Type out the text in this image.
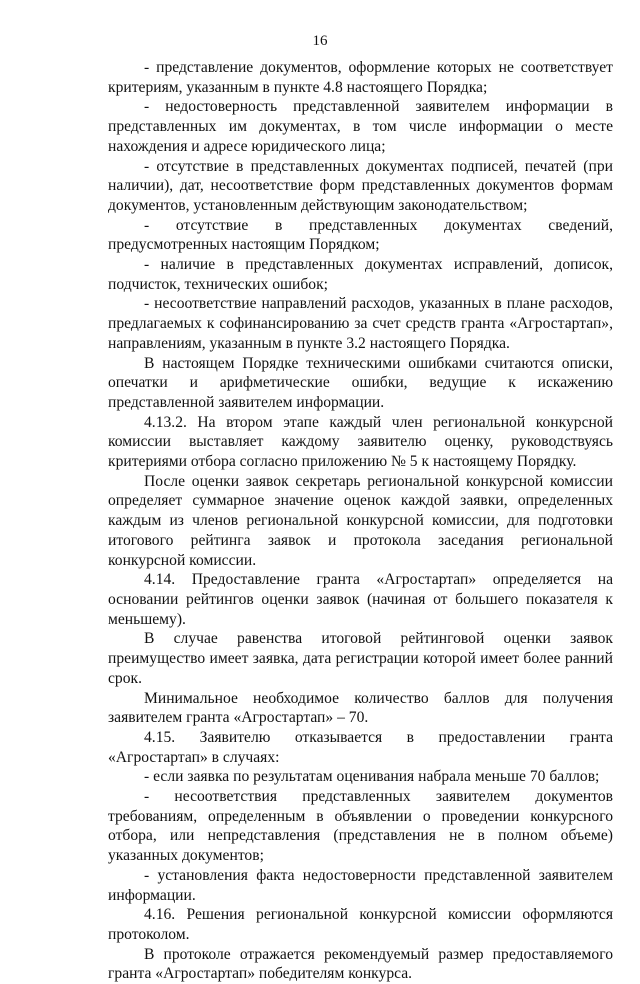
16

- представление документов, оформление которых не соответствует критериям, указанным в пункте 4.8 настоящего Порядка;

- недостоверность представленной заявителем информации в представленных им документах, в том числе информации о месте нахождения и адресе юридического лица;

- отсутствие в представленных документах подписей, печатей (при наличии), дат, несоответствие форм представленных документов формам документов, установленным действующим законодательством;

- отсутствие в представленных документах сведений, предусмотренных настоящим Порядком;

- наличие в представленных документах исправлений, дописок, подчисток, технических ошибок;

- несоответствие направлений расходов, указанных в плане расходов, предлагаемых к софинансированию за счет средств гранта «Агростартап», направлениям, указанным в пункте 3.2 настоящего Порядка.

В настоящем Порядке техническими ошибками считаются описки, опечатки и арифметические ошибки, ведущие к искажению представленной заявителем информации.

4.13.2. На втором этапе каждый член региональной конкурсной комиссии выставляет каждому заявителю оценку, руководствуясь критериями отбора согласно приложению № 5 к настоящему Порядку.

После оценки заявок секретарь региональной конкурсной комиссии определяет суммарное значение оценок каждой заявки, определенных каждым из членов региональной конкурсной комиссии, для подготовки итогового рейтинга заявок и протокола заседания региональной конкурсной комиссии.

4.14. Предоставление гранта «Агростартап» определяется на основании рейтингов оценки заявок (начиная от большего показателя к меньшему).

В случае равенства итоговой рейтинговой оценки заявок преимущество имеет заявка, дата регистрации которой имеет более ранний срок.

Минимальное необходимое количество баллов для получения заявителем гранта «Агростартап» – 70.

4.15. Заявителю отказывается в предоставлении гранта «Агростартап» в случаях:

- если заявка по результатам оценивания набрала меньше 70 баллов;

- несоответствия представленных заявителем документов требованиям, определенным в объявлении о проведении конкурсного отбора, или непредставления (представления не в полном объеме) указанных документов;

- установления факта недостоверности представленной заявителем информации.

4.16. Решения региональной конкурсной комиссии оформляются протоколом.

В протоколе отражается рекомендуемый размер предоставляемого гранта «Агростартап» победителям конкурса.
